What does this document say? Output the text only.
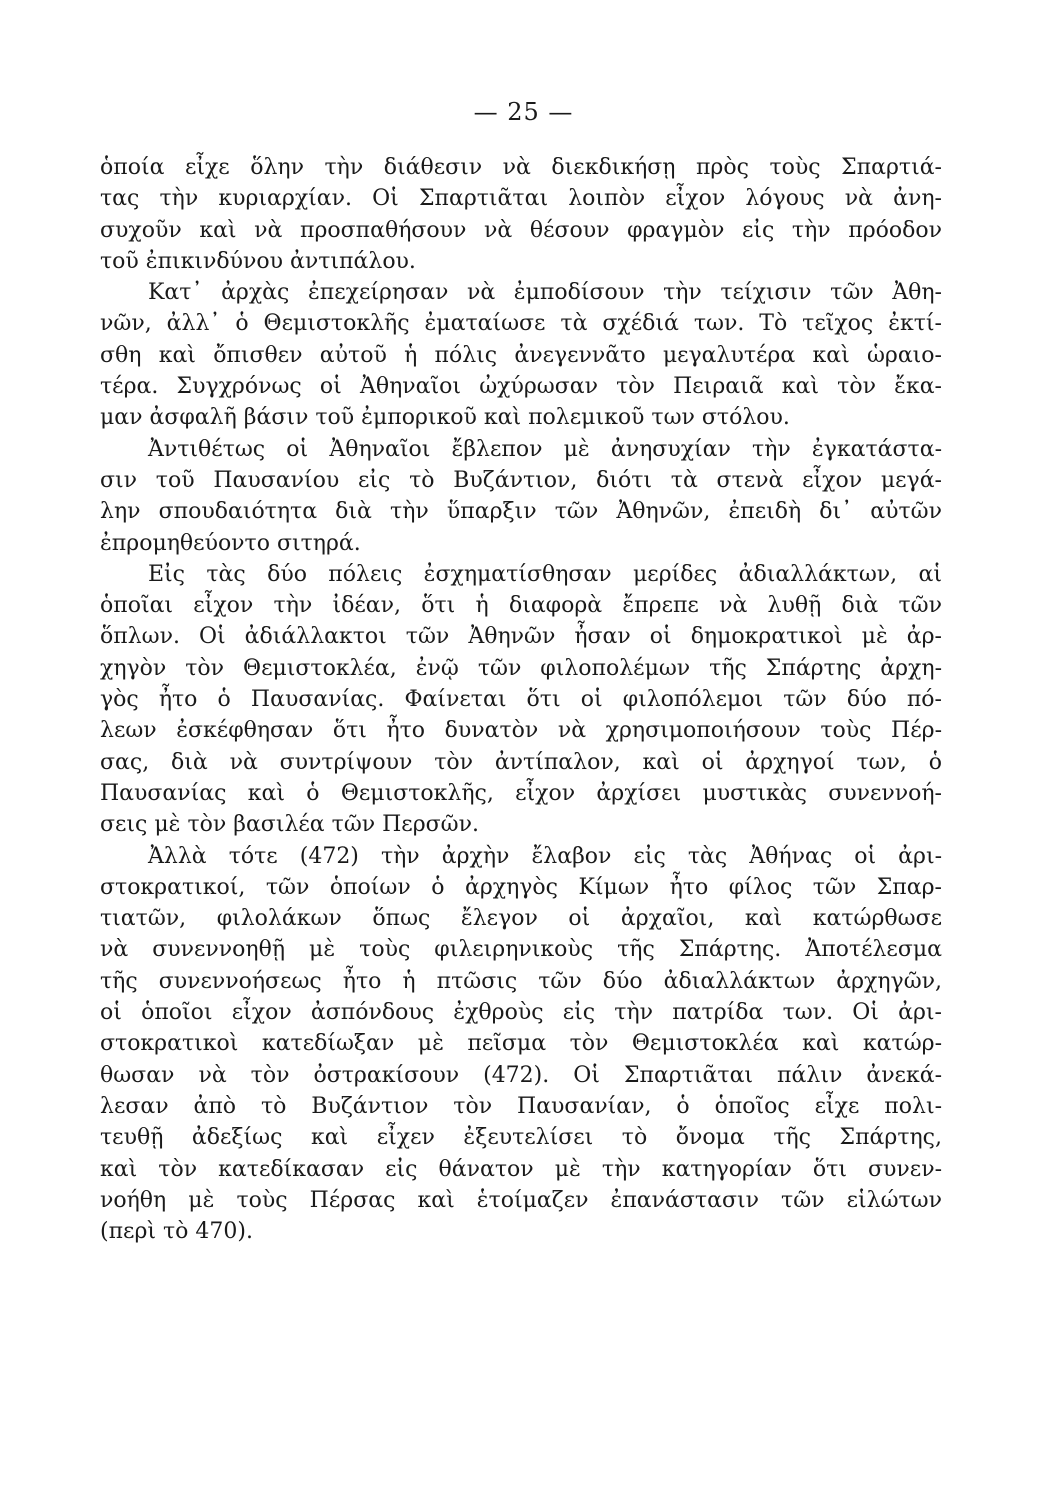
— 25 —
ὁποία εἶχε ὅλην τὴν διάθεσιν νὰ διεκδικήσῃ πρὸς τοὺς Σπαρτιά-
τας τὴν κυριαρχίαν. Οἱ Σπαρτιᾶται λοιπὸν εἶχον λόγους νὰ ἀνη-
συχοῦν καὶ νὰ προσπαθήσουν νὰ θέσουν φραγμὸν εἰς τὴν πρόοδον
τοῦ ἐπικινδύνου ἀντιπάλου.
Κατ᾽ ἀρχὰς ἐπεχείρησαν νὰ ἐμποδίσουν τὴν τείχισιν τῶν Ἀθη-
νῶν, ἀλλ᾽ ὁ Θεμιστοκλῆς ἐματαίωσε τὰ σχέδιά των. Τὸ τεῖχος ἐκτί-
σθη καὶ ὄπισθεν αὐτοῦ ἡ πόλις ἀνεγεννᾶτο μεγαλυτέρα καὶ ὡραιο-
τέρα. Συγχρόνως οἱ Ἀθηναῖοι ὠχύρωσαν τὸν Πειραιᾶ καὶ τὸν ἔκα-
μαν ἀσφαλῆ βάσιν τοῦ ἐμπορικοῦ καὶ πολεμικοῦ των στόλου.
Ἀντιθέτως οἱ Ἀθηναῖοι ἔβλεπον μὲ ἀνησυχίαν τὴν ἐγκατάστα-
σιν τοῦ Παυσανίου εἰς τὸ Βυζάντιον, διότι τὰ στενὰ εἶχον μεγά-
λην σπουδαιότητα διὰ τὴν ὕπαρξιν τῶν Ἀθηνῶν, ἐπειδὴ δι᾽ αὐτῶν
ἐπρομηθεύοντο σιτηρά.
Εἰς τὰς δύο πόλεις ἐσχηματίσθησαν μερίδες ἀδιαλλάκτων, αἱ
ὁποῖαι εἶχον τὴν ἰδέαν, ὅτι ἡ διαφορὰ ἔπρεπε νὰ λυθῇ διὰ τῶν
ὅπλων. Οἱ ἀδιάλλακτοι τῶν Ἀθηνῶν ἦσαν οἱ δημοκρατικοὶ μὲ ἀρ-
χηγὸν τὸν Θεμιστοκλέα, ἐνῷ τῶν φιλοπολέμων τῆς Σπάρτης ἀρχη-
γὸς ἦτο ὁ Παυσανίας. Φαίνεται ὅτι οἱ φιλοπόλεμοι τῶν δύο πό-
λεων ἐσκέφθησαν ὅτι ἦτο δυνατὸν νὰ χρησιμοποιήσουν τοὺς Πέρ-
σας, διὰ νὰ συντρίψουν τὸν ἀντίπαλον, καὶ οἱ ἀρχηγοί των, ὁ
Παυσανίας καὶ ὁ Θεμιστοκλῆς, εἶχον ἀρχίσει μυστικὰς συνεννοή-
σεις μὲ τὸν βασιλέα τῶν Περσῶν.
Ἀλλὰ τότε (472) τὴν ἀρχὴν ἔλαβον εἰς τὰς Ἀθήνας οἱ ἀρι-
στοκρατικοί, τῶν ὁποίων ὁ ἀρχηγὸς Κίμων ἦτο φίλος τῶν Σπαρ-
τιατῶν, φιλολάκων ὅπως ἔλεγον οἱ ἀρχαῖοι, καὶ κατώρθωσε
νὰ συνεννοηθῇ μὲ τοὺς φιλειρηνικοὺς τῆς Σπάρτης. Ἀποτέλεσμα
τῆς συνεννοήσεως ἦτο ἡ πτῶσις τῶν δύο ἀδιαλλάκτων ἀρχηγῶν,
οἱ ὁποῖοι εἶχον ἀσπόνδους ἐχθροὺς εἰς τὴν πατρίδα των. Οἱ ἀρι-
στοκρατικοὶ κατεδίωξαν μὲ πεῖσμα τὸν Θεμιστοκλέα καὶ κατώρ-
θωσαν νὰ τὸν ὀστρακίσουν (472). Οἱ Σπαρτιᾶται πάλιν ἀνεκά-
λεσαν ἀπὸ τὸ Βυζάντιον τὸν Παυσανίαν, ὁ ὁποῖος εἶχε πολι-
τευθῇ ἀδεξίως καὶ εἶχεν ἐξευτελίσει τὸ ὄνομα τῆς Σπάρτης,
καὶ τὸν κατεδίκασαν εἰς θάνατον μὲ τὴν κατηγορίαν ὅτι συνεν-
νοήθη μὲ τοὺς Πέρσας καὶ ἑτοίμαζεν ἐπανάστασιν τῶν εἱλώτων
(περὶ τὸ 470).
